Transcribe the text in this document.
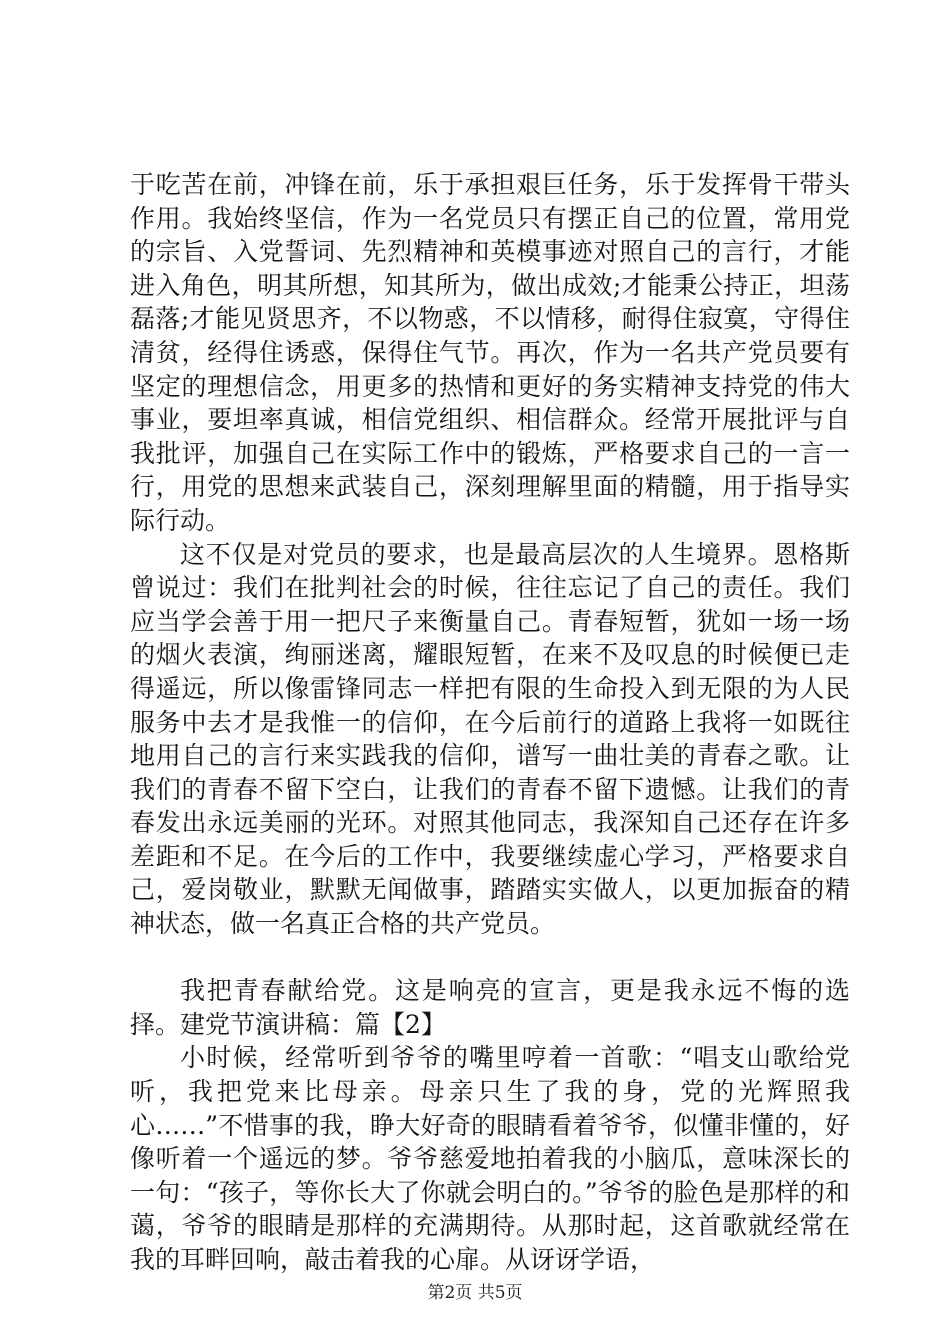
于吃苦在前，冲锋在前，乐于承担艰巨任务，乐于发挥骨干带头作用。我始终坚信，作为一名党员只有摆正自己的位置，常用党的宗旨、入党誓词、先烈精神和英模事迹对照自己的言行，才能进入角色，明其所想，知其所为，做出成效;才能秉公持正，坦荡磊落;才能见贤思齐，不以物惑，不以情移，耐得住寂寞，守得住清贫，经得住诱惑，保得住气节。再次，作为一名共产党员要有坚定的理想信念，用更多的热情和更好的务实精神支持党的伟大事业，要坦率真诚，相信党组织、相信群众。经常开展批评与自我批评，加强自己在实际工作中的锻炼，严格要求自己的一言一行，用党的思想来武装自己，深刻理解里面的精髓，用于指导实际行动。

这不仅是对党员的要求，也是最高层次的人生境界。恩格斯曾说过：我们在批判社会的时候，往往忘记了自己的责任。我们应当学会善于用一把尺子来衡量自己。青春短暂，犹如一场一场的烟火表演，绚丽迷离，耀眼短暂，在来不及叹息的时候便已走得遥远，所以像雷锋同志一样把有限的生命投入到无限的为人民服务中去才是我惟一的信仰，在今后前行的道路上我将一如既往地用自己的言行来实践我的信仰，谱写一曲壮美的青春之歌。让我们的青春不留下空白，让我们的青春不留下遗憾。让我们的青春发出永远美丽的光环。对照其他同志，我深知自己还存在许多差距和不足。在今后的工作中，我要继续虚心学习，严格要求自己，爱岗敬业，默默无闻做事，踏踏实实做人，以更加振奋的精神状态，做一名真正合格的共产党员。

我把青春献给党。这是响亮的宣言，更是我永远不悔的选择。建党节演讲稿：篇【2】

小时候，经常听到爷爷的嘴里哼着一首歌：“唱支山歌给党听，我把党来比母亲。母亲只生了我的身，党的光辉照我心……”不惜事的我，睁大好奇的眼睛看着爷爷，似懂非懂的，好像听着一个遥远的梦。爷爷慈爱地拍着我的小脑瓜，意味深长的一句：“孩子，等你长大了你就会明白的。”爷爷的脸色是那样的和蔼，爷爷的眼睛是那样的充满期待。从那时起，这首歌就经常在我的耳畔回响，敲击着我的心扉。从讶讶学语，

第2页 共5页
